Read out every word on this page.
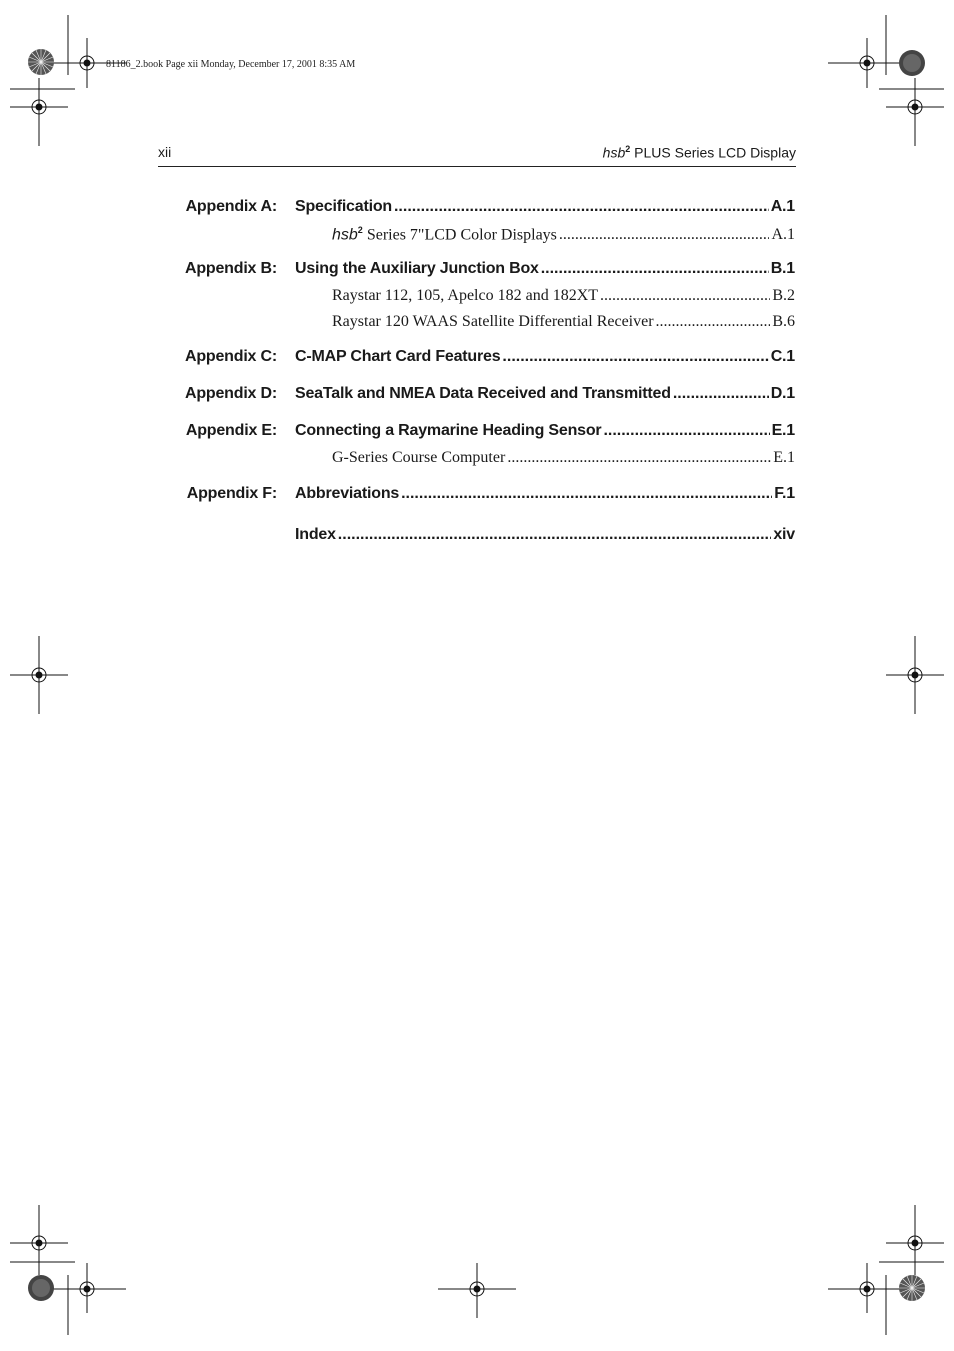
81186_2.book Page xii Monday, December 17, 2001 8:35 AM
xii	hsb$^2$ PLUS Series LCD Display
Appendix A: Specification .....	A.1
hsb$^2$ Series 7"LCD Color Displays .....	A.1
Appendix B: Using the Auxiliary Junction Box .....	B.1
Raystar 112, 105, Apelco 182 and 182XT .....	B.2
Raystar 120 WAAS Satellite Differential Receiver .....	B.6
Appendix C: C-MAP Chart Card Features .....	C.1
Appendix D: SeaTalk and NMEA Data Received and Transmitted .....	D.1
Appendix E: Connecting a Raymarine Heading Sensor .....	E.1
G-Series Course Computer .....	E.1
Appendix F: Abbreviations .....	F.1
Index .....	xiv
